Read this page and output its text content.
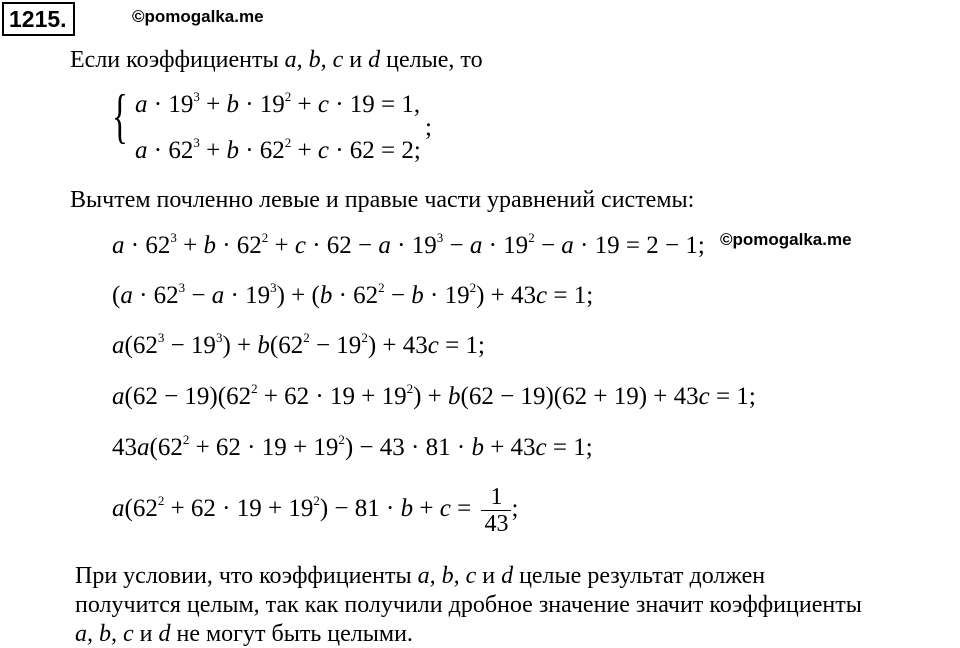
1215.	©pomogalka.me
Если коэффициенты a, b, c и d целые, то
{ $a \cdot 19^3 + b \cdot 19^2 + c \cdot 19 = 1$,
$a \cdot 62^3 + b \cdot 62^2 + c \cdot 62 = 2$;
;
Вычтем почленно левые и правые части уравнений системы:
$a \cdot 62^3 + b \cdot 62^2 + c \cdot 62 - a \cdot 19^3 - a \cdot 19^2 - a \cdot 19 = 2 - 1$; ©pomogalka.me
$(a \cdot 62^3 - a \cdot 19^3) + (b \cdot 62^2 - b \cdot 19^2) + 43c = 1$;
$a(62^3 - 19^3) + b(62^2 - 19^2) + 43c = 1$;
$a(62 - 19)(62^2 + 62 \cdot 19 + 19^2) + b(62 - 19)(62 + 19) + 43c = 1$;
$43a(62^2 + 62 \cdot 19 + 19^2) - 43 \cdot 81 \cdot b + 43c = 1$;
$a(62^2 + 62 \cdot 19 + 19^2) - 81 \cdot b + c = \frac{1}{43}$ ;
При условии, что коэффициенты a, b, c и d целые результат должен
получится целым, так как получили дробное значение значит коэффициенты
a, b, c и d не могут быть целыми.
